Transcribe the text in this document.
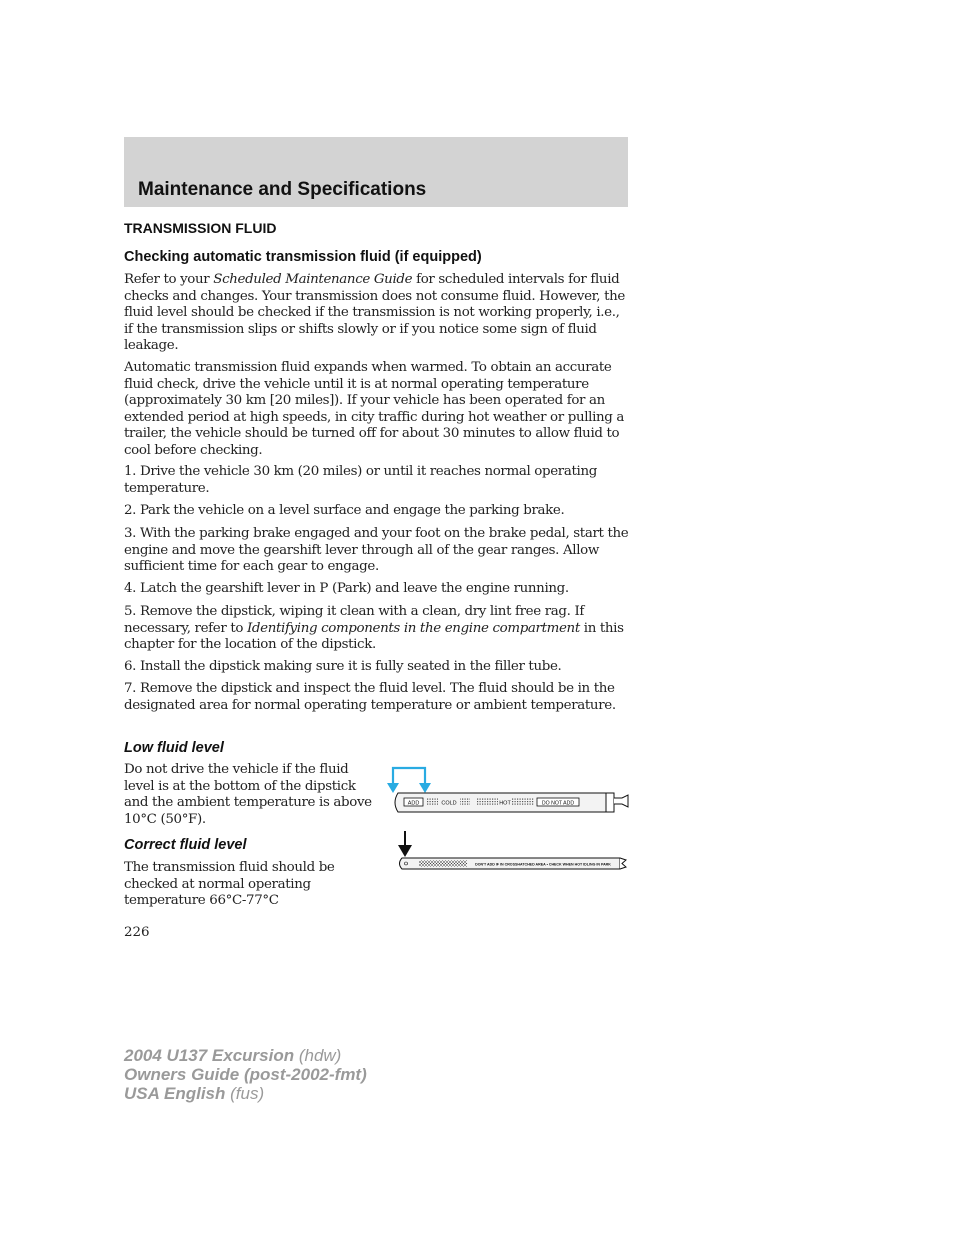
Maintenance and Specifications
TRANSMISSION FLUID
Checking automatic transmission fluid (if equipped)

Refer to your Scheduled Maintenance Guide for scheduled intervals for fluid checks and changes. Your transmission does not consume fluid. However, the fluid level should be checked if the transmission is not working properly, i.e., if the transmission slips or shifts slowly or if you notice some sign of fluid leakage.

Automatic transmission fluid expands when warmed. To obtain an accurate fluid check, drive the vehicle until it is at normal operating temperature (approximately 30 km [20 miles]). If your vehicle has been operated for an extended period at high speeds, in city traffic during hot weather or pulling a trailer, the vehicle should be turned off for about 30 minutes to allow fluid to cool before checking.

1. Drive the vehicle 30 km (20 miles) or until it reaches normal operating temperature.

2. Park the vehicle on a level surface and engage the parking brake.

3. With the parking brake engaged and your foot on the brake pedal, start the engine and move the gearshift lever through all of the gear ranges. Allow sufficient time for each gear to engage.

4. Latch the gearshift lever in P (Park) and leave the engine running.

5. Remove the dipstick, wiping it clean with a clean, dry lint free rag. If necessary, refer to Identifying components in the engine compartment in this chapter for the location of the dipstick.

6. Install the dipstick making sure it is fully seated in the filler tube.

7. Remove the dipstick and inspect the fluid level. The fluid should be in the designated area for normal operating temperature or ambient temperature.

Low fluid level

Do not drive the vehicle if the fluid level is at the bottom of the dipstick and the ambient temperature is above 10°C (50°F).

Correct fluid level

The transmission fluid should be checked at normal operating temperature 66°C-77°C

ADD	COLD	HOT	DO NOT ADD
DON'T ADD IF IN CROSSHATCHED AREA • CHECK WHEN HOT IDLING IN PARK
226
2004 U137 Excursion (hdw)
Owners Guide (post-2002-fmt)
USA English (fus)
